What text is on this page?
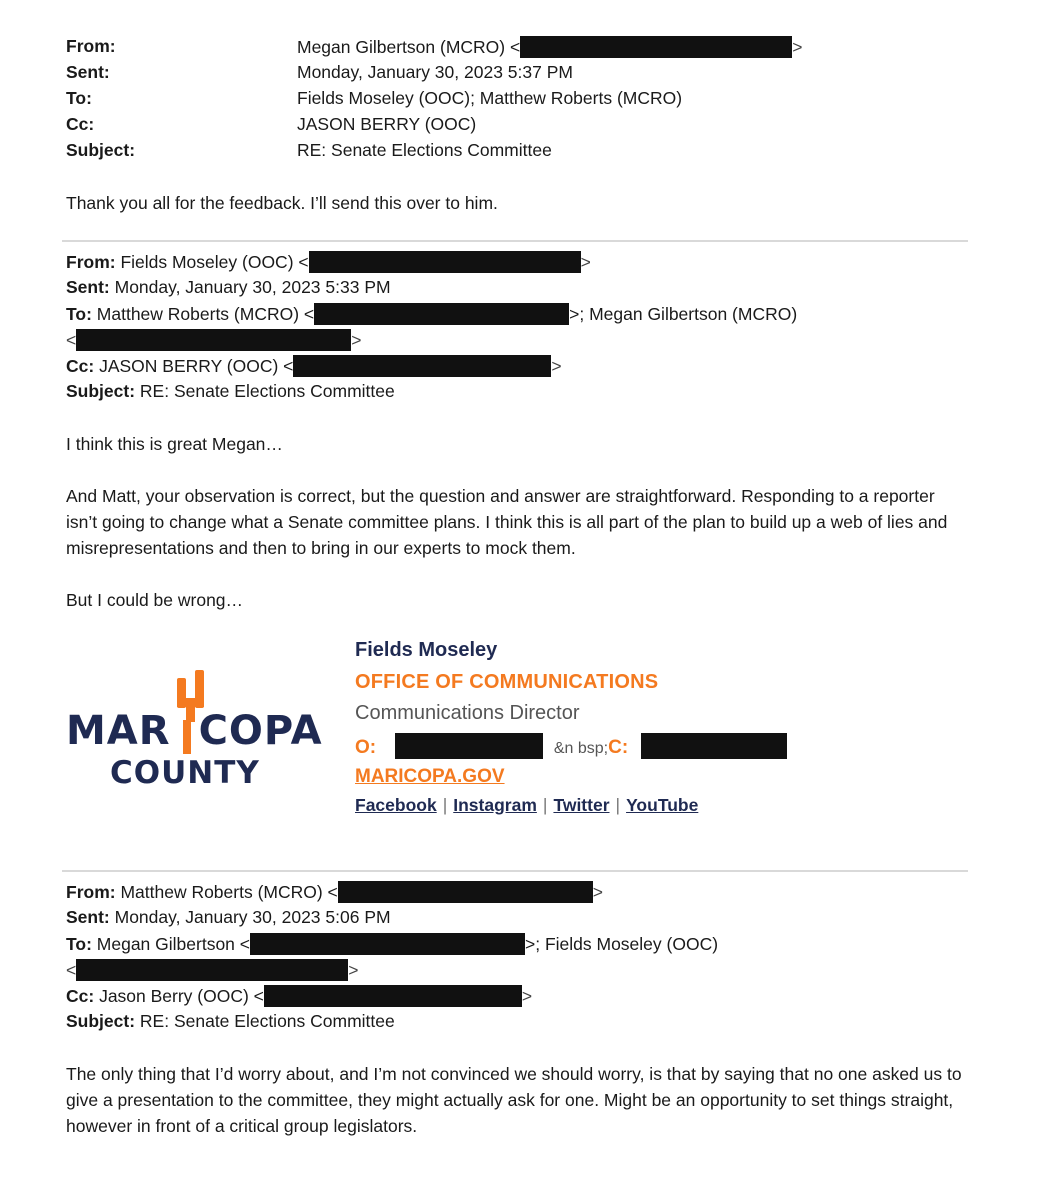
From:	Megan Gilbertson (MCRO) <	>
Sent:	Monday, January 30, 2023 5:37 PM
To:	Fields Moseley (OOC); Matthew Roberts (MCRO)
Cc:	JASON BERRY (OOC)
Subject:	RE: Senate Elections Committee
Thank you all for the feedback. I’ll send this over to him.
From: Fields Moseley (OOC) <	>
Sent: Monday, January 30, 2023 5:33 PM
To: Matthew Roberts (MCRO) <	>; Megan Gilbertson (MCRO)
<	>
Cc: JASON BERRY (OOC) <	>
Subject: RE: Senate Elections Committee
I think this is great Megan…
And Matt, your observation is correct, but the question and answer are straightforward. Responding to a reporter isn’t going to change what a Senate committee plans. I think this is all part of the plan to build up a web of lies and misrepresentations and then to bring in our experts to mock them.
But I could be wrong…
MAR COPA
COUNTY
Fields Moseley
OFFICE OF COMMUNICATIONS
Communications Director
O:	&n bsp;C:
MARICOPA.GOV
Facebook | Instagram | Twitter | YouTube
From: Matthew Roberts (MCRO) <	>
Sent: Monday, January 30, 2023 5:06 PM
To: Megan Gilbertson <	>; Fields Moseley (OOC)
<	>
Cc: Jason Berry (OOC) <	>
Subject: RE: Senate Elections Committee
The only thing that I’d worry about, and I’m not convinced we should worry, is that by saying that no one asked us to give a presentation to the committee, they might actually ask for one. Might be an opportunity to set things straight, however in front of a critical group legislators.
